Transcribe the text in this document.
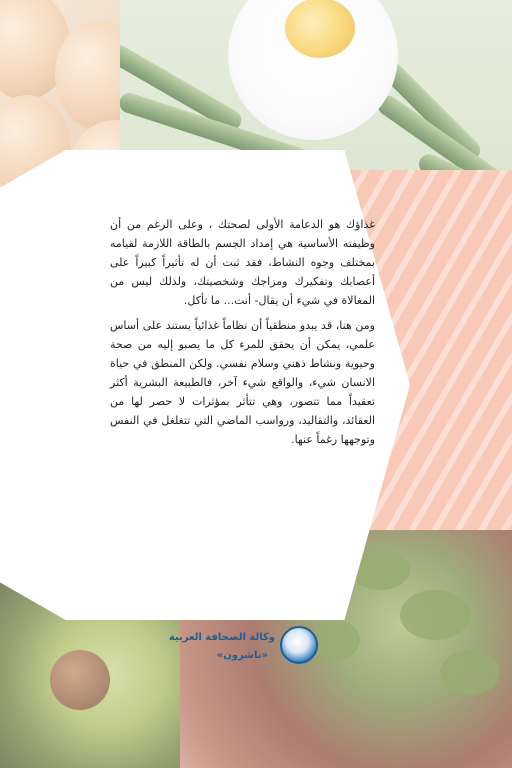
غذاؤك هو الدعامة الأولى لصحتك ، وعلى الرغم من أن وظيفته الأساسية هي إمداد الجسم بالطاقة اللازمة لقيامه بمختلف وجوه النشاط، فقد ثبت أن له تأثيراً كبيراً على أعصابك وتفكيرك ومزاجك وشخصيتك، ولذلك ليس من المغالاة في شيء أن يقال- أنت... ما تأكل.

ومن هنا، قد يبدو منطقياً أن نظاماً غذائياً يستند على أساس علمي، يمكن أن يحقق للمرء كل ما يصبو إليه من صحة وحيوية ونشاط ذهني وسلام نفسي. ولكن المنطق في حياة الانسان شيء، والواقع شيء آخر، فالطبيعة البشرية أكثر تعقيداً مما تتصور، وهي تتأثر بمؤثرات لا حصر لها من العقائد، والتقاليد، ورواسب الماضي التي تتغلغل في النفس وتوجهها رغماً عنها.

وكالة الصحافة العربية
«ناشرون»
